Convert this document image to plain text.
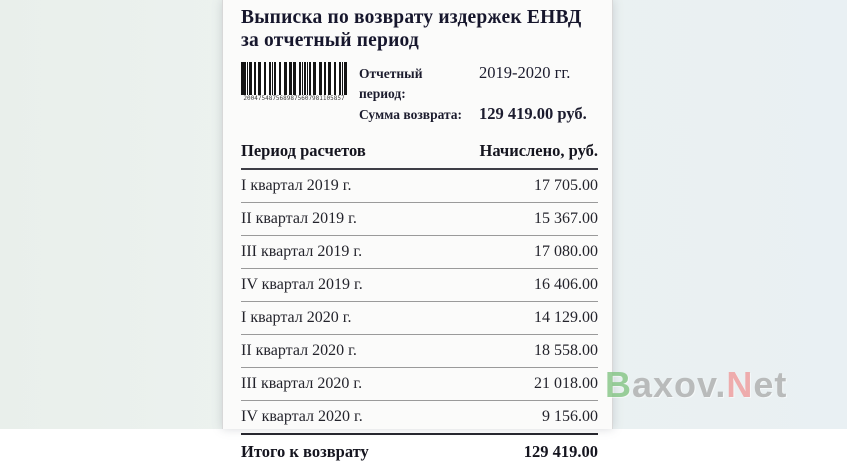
Выписка по возврату издержек ЕНВД за отчетный период
2004754875689875607981105857
Отчетный период:
2019-2020 гг.
Сумма возврата:	129 419.00 руб.
Период расчетов	Начислено, руб.
I квартал 2019 г.	17 705.00
II квартал 2019 г.	15 367.00
III квартал 2019 г.	17 080.00
IV квартал 2019 г.	16 406.00
I квартал 2020 г.	14 129.00
II квартал 2020 г.	18 558.00
III квартал 2020 г.	21 018.00
IV квартал 2020 г.	9 156.00
Итого к возврату	129 419.00
Baxov.Net
